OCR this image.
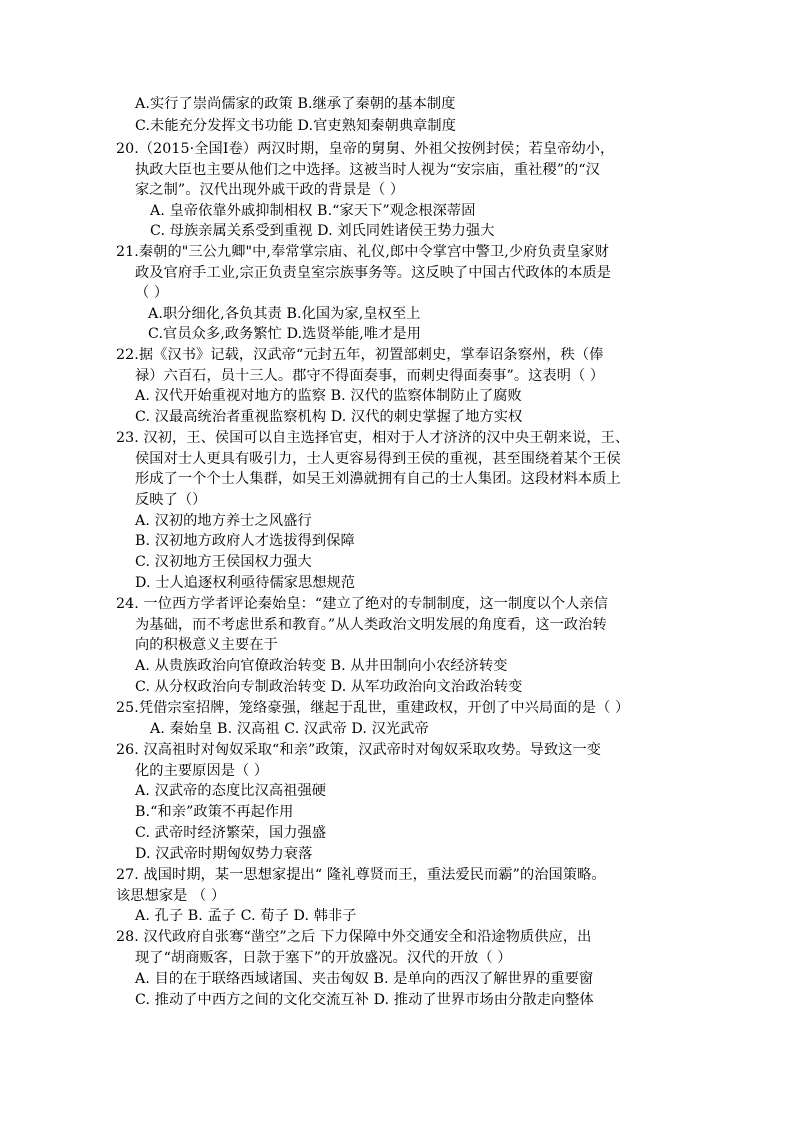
A.实行了崇尚儒家的政策 B.继承了秦朝的基本制度
C.未能充分发挥文书功能 D.官吏熟知秦朝典章制度
20.（2015·全国Ⅰ卷）两汉时期，皇帝的舅舅、外祖父按例封侯；若皇帝幼小，
执政大臣也主要从他们之中选择。这被当时人视为“安宗庙，重社稷”的“汉
家之制”。汉代出现外戚干政的背景是（ ）
A. 皇帝依靠外戚抑制相权 B.“家天下”观念根深蒂固
C. 母族亲属关系受到重视 D. 刘氏同姓诸侯王势力强大
21.秦朝的"三公九卿"中,奉常掌宗庙、礼仪,郎中令掌宫中警卫,少府负责皇家财
政及官府手工业,宗正负责皇室宗族事务等。这反映了中国古代政体的本质是
（ ）
A.职分细化,各负其责 B.化国为家,皇权至上
C.官员众多,政务繁忙 D.选贤举能,唯才是用
22.据《汉书》记载，汉武帝“元封五年，初置部刺史，掌奉诏条察州，秩（俸
禄）六百石，员十三人。郡守不得面奏事，而刺史得面奏事”。这表明（ ）
A. 汉代开始重视对地方的监察 B. 汉代的监察体制防止了腐败
C. 汉最高统治者重视监察机构 D. 汉代的刺史掌握了地方实权
23. 汉初，王、侯国可以自主选择官吏，相对于人才济济的汉中央王朝来说，王、
侯国对士人更具有吸引力，士人更容易得到王侯的重视，甚至围绕着某个王侯
形成了一个个士人集群，如吴王刘濞就拥有自己的士人集团。这段材料本质上
反映了（）
A. 汉初的地方养士之风盛行
B. 汉初地方政府人才选拔得到保障
C. 汉初地方王侯国权力强大
D. 士人追逐权利亟待儒家思想规范
24. 一位西方学者评论秦始皇：“建立了绝对的专制制度，这一制度以个人亲信
为基础，而不考虑世系和教育。”从人类政治文明发展的角度看，这一政治转
向的积极意义主要在于
A. 从贵族政治向官僚政治转变 B. 从井田制向小农经济转变
C. 从分权政治向专制政治转变 D. 从军功政治向文治政治转变
25.凭借宗室招牌，笼络豪强，继起于乱世，重建政权，开创了中兴局面的是（ ）
A. 秦始皇 B. 汉高祖 C. 汉武帝 D. 汉光武帝
26. 汉高祖时对匈奴采取“和亲”政策，汉武帝时对匈奴采取攻势。导致这一变
化的主要原因是（ ）
A. 汉武帝的态度比汉高祖强硬
B.“和亲”政策不再起作用
C. 武帝时经济繁荣，国力强盛
D. 汉武帝时期匈奴势力衰落
27. 战国时期，某一思想家提出“ 隆礼尊贤而王，重法爱民而霸”的治国策略。
该思想家是 （ ）
A. 孔子 B. 孟子 C. 荀子 D. 韩非子
28. 汉代政府自张骞“凿空”之后 下力保障中外交通安全和沿途物质供应，出
现了“胡商贩客，日款于塞下”的开放盛况。汉代的开放（ ）
A. 目的在于联络西域诸国、夹击匈奴 B. 是单向的西汉了解世界的重要窗
C. 推动了中西方之间的文化交流互补 D. 推动了世界市场由分散走向整体
